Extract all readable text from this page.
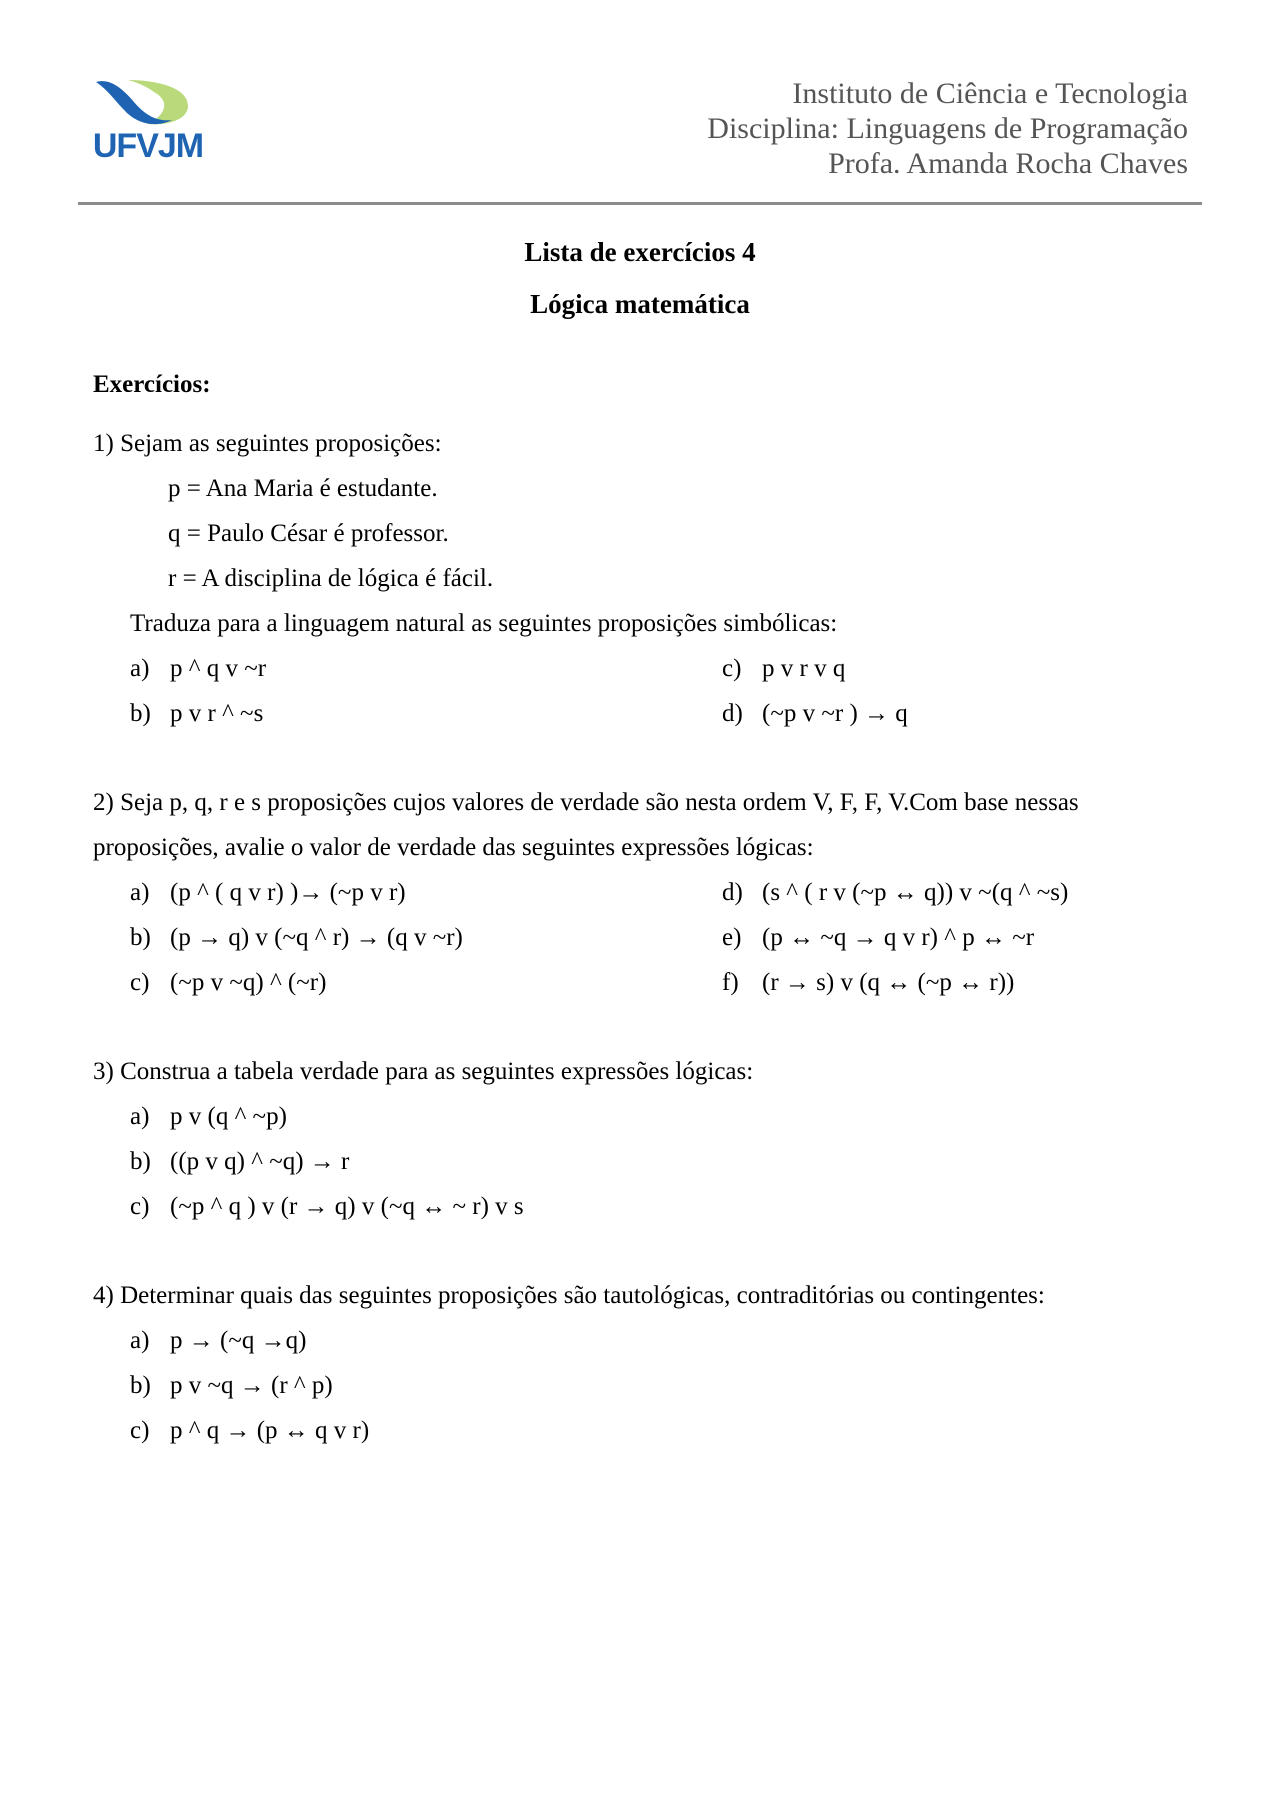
UFVJM
Instituto de Ciência e Tecnologia
Disciplina: Linguagens de Programação
Profa. Amanda Rocha Chaves
Lista de exercícios 4
Lógica matemática
Exercícios:
1) Sejam as seguintes proposições:
p = Ana Maria é estudante.
q = Paulo César é professor.
r = A disciplina de lógica é fácil.
Traduza para a linguagem natural as seguintes proposições simbólicas:
a) p ^ q v ~r
b) p v r ^ ~s
c) p v r v q
d) (~p v ~r ) → q
2) Seja p, q, r e s proposições cujos valores de verdade são nesta ordem V, F, F, V.Com base nessas
proposições, avalie o valor de verdade das seguintes expressões lógicas:
a) (p ^ ( q v r) )→ (~p v r)
b) (p → q) v (~q ^ r) → (q v ~r)
c) (~p v ~q) ^ (~r)
d) (s ^ ( r v (~p ↔ q)) v ~(q ^ ~s)
e) (p ↔ ~q → q v r) ^ p ↔ ~r
f) (r → s) v (q ↔ (~p ↔ r))
3) Construa a tabela verdade para as seguintes expressões lógicas:
a) p v (q ^ ~p)
b) ((p v q) ^ ~q) → r
c) (~p ^ q ) v (r → q) v (~q ↔ ~ r) v s
4) Determinar quais das seguintes proposições são tautológicas, contraditórias ou contingentes:
a) p → (~q →q)
b) p v ~q → (r ^ p)
c) p ^ q → (p ↔ q v r)
